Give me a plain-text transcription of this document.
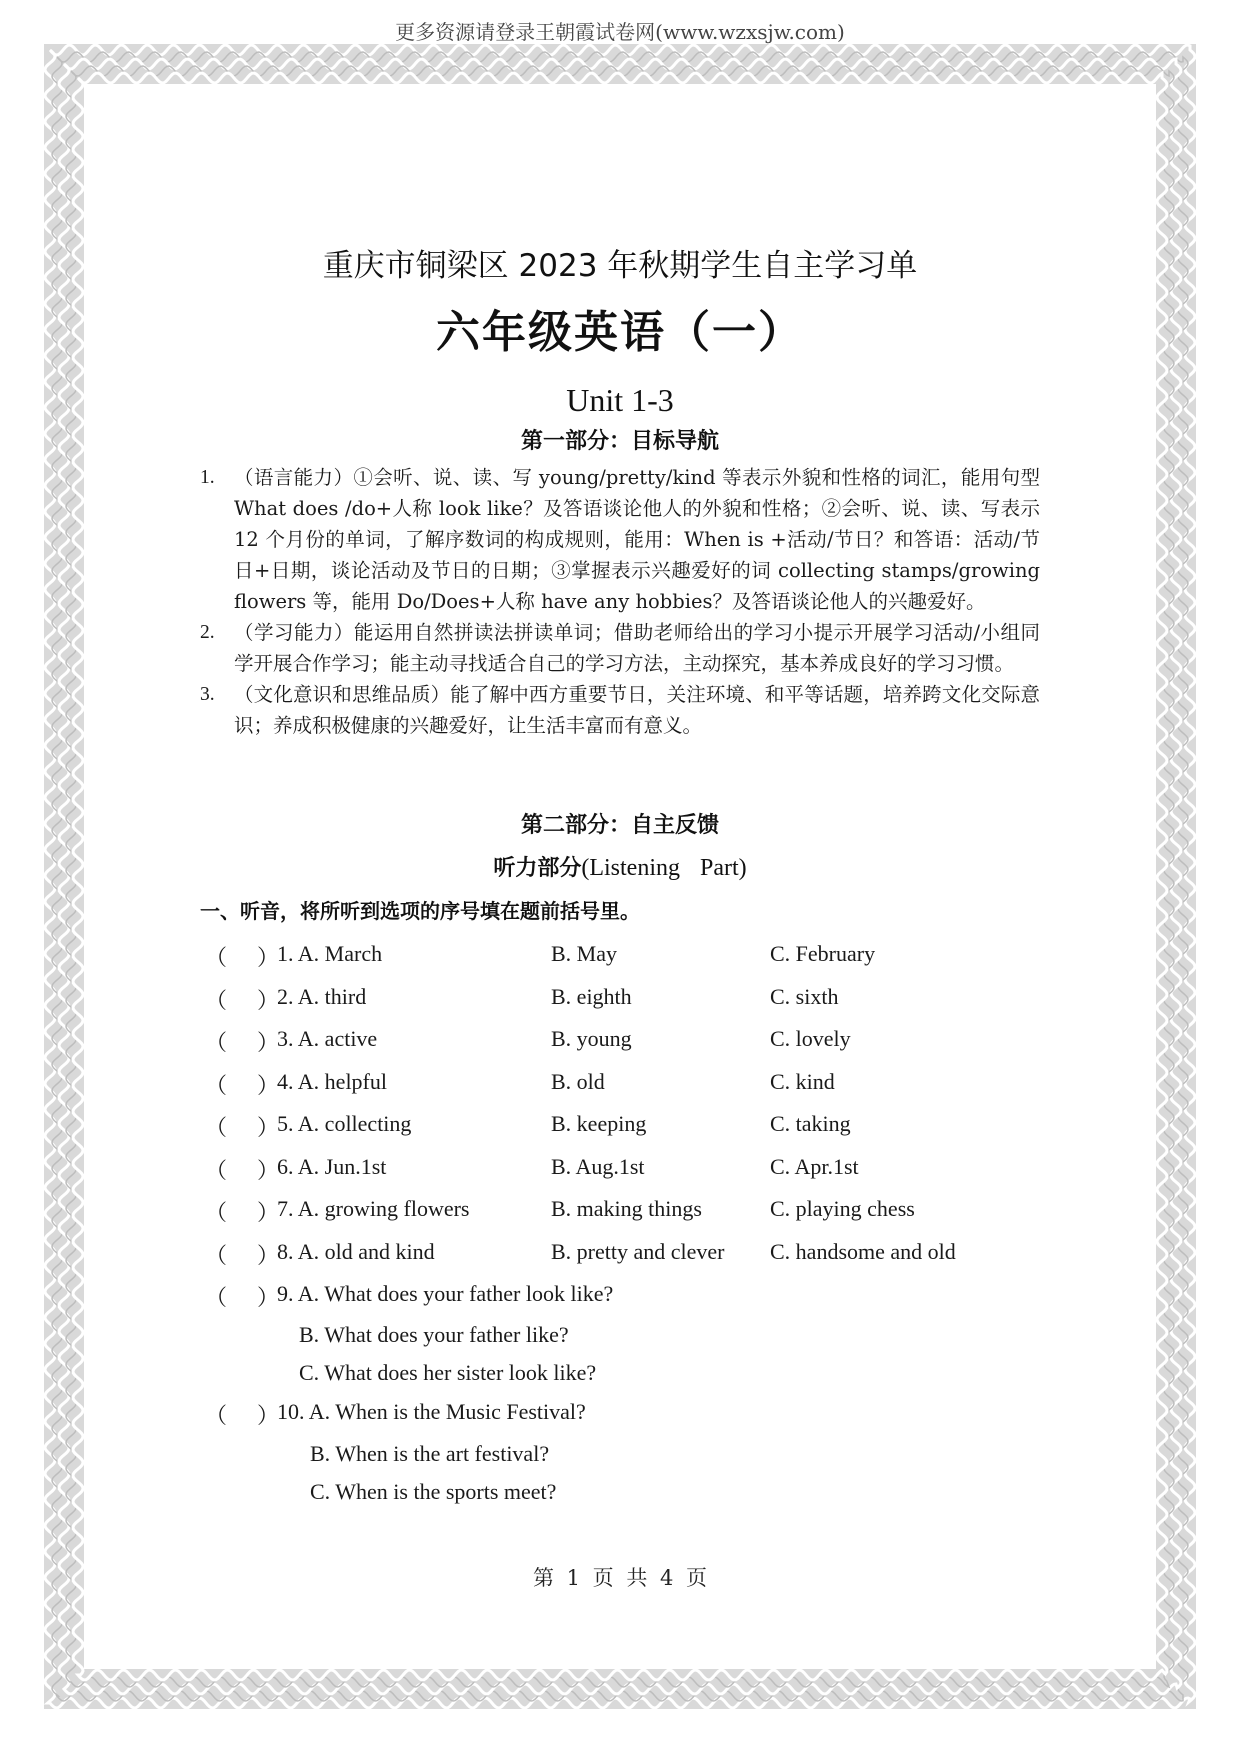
更多资源请登录王朝霞试卷网(www.wzxsjw.com)
重庆市铜梁区 2023 年秋期学生自主学习单
六年级英语（一）
Unit 1-3
第一部分：目标导航
1. （语言能力）①会听、说、读、写 young/pretty/kind 等表示外貌和性格的词汇，能用句型 What does /do+人称 look like？及答语谈论他人的外貌和性格；②会听、说、读、写表示 12 个月份的单词，了解序数词的构成规则，能用：When is +活动/节日？和答语：活动/节日+日期，谈论活动及节日的日期；③掌握表示兴趣爱好的词 collecting stamps/growing flowers 等，能用 Do/Does+人称 have any hobbies？及答语谈论他人的兴趣爱好。
2. （学习能力）能运用自然拼读法拼读单词；借助老师给出的学习小提示开展学习活动/小组同学开展合作学习；能主动寻找适合自己的学习方法，主动探究，基本养成良好的学习习惯。
3. （文化意识和思维品质）能了解中西方重要节日，关注环境、和平等话题，培养跨文化交际意识；养成积极健康的兴趣爱好，让生活丰富而有意义。
第二部分：自主反馈
听力部分(Listening Part)
一、听音，将所听到选项的序号填在题前括号里。
（ ）
1. A. March	B. May	C. February
（ ）
2. A. third	B. eighth	C. sixth
（ ）
3. A. active	B. young	C. lovely
（ ）
4. A. helpful	B. old	C. kind
（ ）
5. A. collecting	B. keeping	C. taking
（ ）
6. A. Jun.1st	B. Aug.1st	C. Apr.1st
（ ）
7. A. growing flowers	B. making things	C. playing chess
（ ）
8. A. old and kind	B. pretty and clever C. handsome and old
（ ）
9. A. What does your father look like?
B. What does your father like?
C. What does her sister look like?
（ ）
10. A. When is the Music Festival?
B. When is the art festival?
C. When is the sports meet?
第 1 页 共 4 页
